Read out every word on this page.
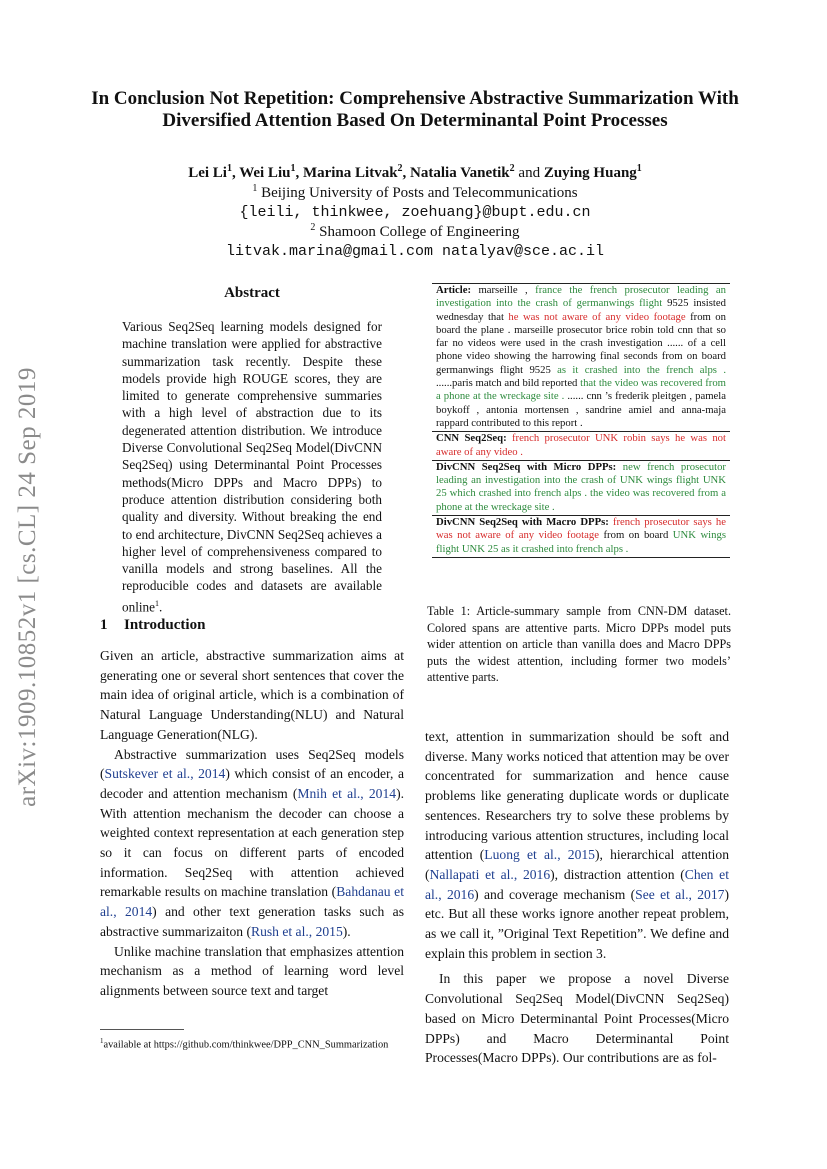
arXiv:1909.10852v1 [cs.CL] 24 Sep 2019
In Conclusion Not Repetition: Comprehensive Abstractive Summarization With Diversified Attention Based On Determinantal Point Processes
Lei Li$^1$, Wei Liu$^1$, Marina Litvak$^2$, Natalia Vanetik$^2$ and Zuying Huang$^1$
$^1$ Beijing University of Posts and Telecommunications
{leili, thinkwee, zoehuang}@bupt.edu.cn
$^2$ Shamoon College of Engineering
litvak.marina@gmail.com natalyav@sce.ac.il
Abstract
Various Seq2Seq learning models designed for machine translation were applied for abstractive summarization task recently. Despite these models provide high ROUGE scores, they are limited to generate comprehensive summaries with a high level of abstraction due to its degenerated attention distribution. We introduce Diverse Convolutional Seq2Seq Model(DivCNN Seq2Seq) using Determinantal Point Processes methods(Micro DPPs and Macro DPPs) to produce attention distribution considering both quality and diversity. Without breaking the end to end architecture, DivCNN Seq2Seq achieves a higher level of comprehensiveness compared to vanilla models and strong baselines. All the reproducible codes and datasets are available online$^1$.
1 Introduction

Given an article, abstractive summarization aims at generating one or several short sentences that cover the main idea of original article, which is a combination of Natural Language Understanding(NLU) and Natural Language Generation(NLG).

Abstractive summarization uses Seq2Seq models (Sutskever et al., 2014) which consist of an encoder, a decoder and attention mechanism (Mnih et al., 2014). With attention mechanism the decoder can choose a weighted context representation at each generation step so it can focus on different parts of encoded information. Seq2Seq with attention achieved remarkable results on machine translation (Bahdanau et al., 2014) and other text generation tasks such as abstractive summarizaiton (Rush et al., 2015).

Unlike machine translation that emphasizes attention mechanism as a method of learning word level alignments between source text and target

$^1$available at https://github.com/thinkwee/DPP_CNN_Summarization
Article: marseille , france the french prosecutor leading an investigation into the crash of germanwings flight 9525 insisted wednesday that he was not aware of any video footage from on board the plane . marseille prosecutor brice robin told cnn that so far no videos were used in the crash investigation ...... of a cell phone video showing the harrowing final seconds from on board germanwings flight 9525 as it crashed into the french alps . ......paris match and bild reported that the video was recovered from a phone at the wreckage site . ...... cnn ’s frederik pleitgen , pamela boykoff , antonia mortensen , sandrine amiel and anna-maja rappard contributed to this report .
CNN Seq2Seq: french prosecutor UNK robin says he was not aware of any video .
DivCNN Seq2Seq with Micro DPPs: new french prosecutor leading an investigation into the crash of UNK wings flight UNK 25 which crashed into french alps . the video was recovered from a phone at the wreckage site .
DivCNN Seq2Seq with Macro DPPs: french prosecutor says he was not aware of any video footage from on board UNK wings flight UNK 25 as it crashed into french alps .
Table 1: Article-summary sample from CNN-DM dataset. Colored spans are attentive parts. Micro DPPs model puts wider attention on article than vanilla does and Macro DPPs puts the widest attention, including former two models’ attentive parts.

text, attention in summarization should be soft and diverse. Many works noticed that attention may be over concentrated for summarization and hence cause problems like generating duplicate words or duplicate sentences. Researchers try to solve these problems by introducing various attention structures, including local attention (Luong et al., 2015), hierarchical attention (Nallapati et al., 2016), distraction attention (Chen et al., 2016) and coverage mechanism (See et al., 2017) etc. But all these works ignore another repeat problem, as we call it, ”Original Text Repetition”. We define and explain this problem in section 3.

In this paper we propose a novel Diverse Convolutional Seq2Seq Model(DivCNN Seq2Seq) based on Micro Determinantal Point Processes(Micro DPPs) and Macro Determinantal Point Processes(Macro DPPs). Our contributions are as fol-
